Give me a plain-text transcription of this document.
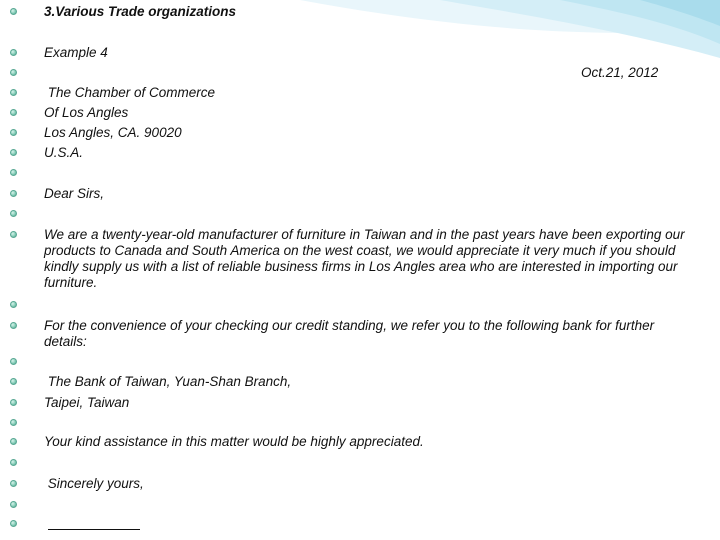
3.Various Trade organizations
Example 4
Oct.21, 2012
The Chamber of Commerce
Of Los Angles
Los Angles, CA. 90020
U.S.A.
Dear Sirs,
We are a twenty-year-old manufacturer of furniture in Taiwan and in the past years have been exporting our products to Canada and South America on the west coast, we would appreciate it very much if you should kindly supply us with a list of reliable business firms in Los Angles area who are interested in importing our furniture.
For the convenience of your checking our credit standing, we refer you to the following bank for further details:
The Bank of Taiwan, Yuan-Shan Branch,
Taipei, Taiwan
Your kind assistance in this matter would be highly appreciated.
Sincerely yours,
